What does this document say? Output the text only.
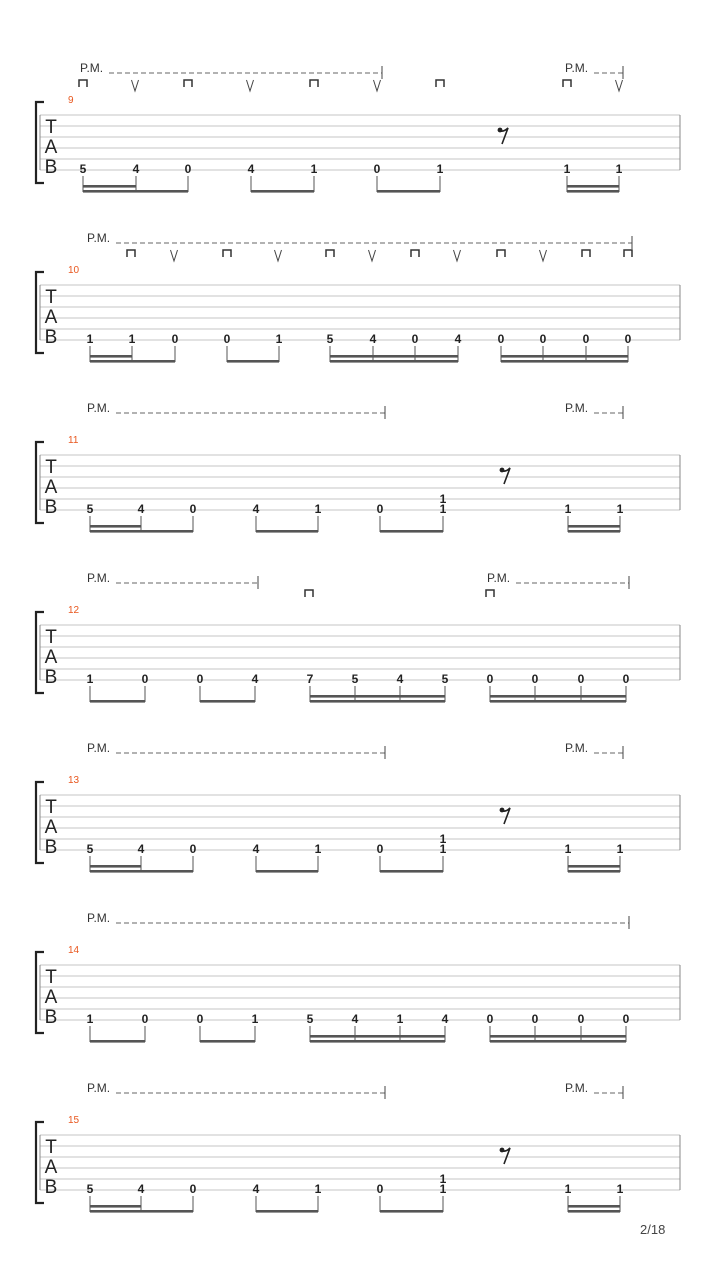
P.M.	P.M.
9
T
A
B 5	4	0	4	1	0	1	1	1
P.M.
10
T
A
B 1	1	0	0	1	5	4	0	4	0	0	0	0
P.M.	P.M.
11
T
A
B	1
5	4	0	4	1	0	1	1	1
P.M.	P.M.
12
T
A
B 1	0	0	4	7	5	4	5	0	0	0	0
P.M.	P.M.
13
T
A
B	1
5	4	0	4	1	0	1	1	1
P.M.
14
T
A
B 1	0	0	1	5	4	1	4	0	0	0	0
P.M.	P.M.
15
T
A
B	1
5	4	0	4	1	0	1	1	1
2/18
